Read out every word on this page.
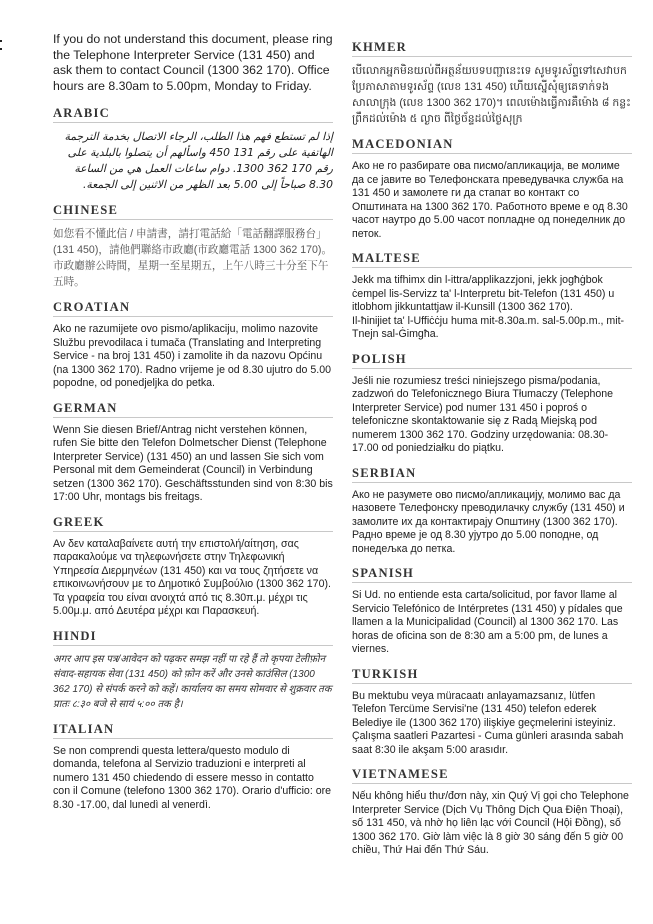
If you do not understand this document, please ring the Telephone Interpreter Service (131 450) and ask them to contact Council (1300 362 170). Office hours are 8.30am to 5.00pm, Monday to Friday.
ARABIC
إذا لم تستطع فهم هذا الطلب، الرجاء الاتصال بخدمة الترجمة الهاتفية على رقم 131 450 واسألهم أن يتصلوا بالبلدية على رقم 170 362 1300. دوام ساعات العمل هي من الساعة 8.30 صباحاً إلى 5.00 بعد الظهر من الاثنين إلى الجمعة.
CHINESE
如您看不懂此信 / 申請書，請打電話給「電話翻譯服務台」(131 450)，請他們聯絡市政廳(市政廳電話 1300 362 170)。市政廳辦公時間，星期一至星期五，上午八時三十分至下午五時。
CROATIAN
Ako ne razumijete ovo pismo/aplikaciju, molimo nazovite Službu prevodilaca i tumača (Translating and Interpreting Service - na broj 131 450) i zamolite ih da nazovu Općinu (na 1300 362 170). Radno vrijeme je od 8.30 ujutro do 5.00 popodne, od ponedjeljka do petka.
GERMAN
Wenn Sie diesen Brief/Antrag nicht verstehen können, rufen Sie bitte den Telefon Dolmetscher Dienst (Telephone Interpreter Service) (131 450) an und lassen Sie sich vom Personal mit dem Gemeinderat (Council) in Verbindung setzen (1300 362 170). Geschäftsstunden sind von 8:30 bis 17:00 Uhr, montags bis freitags.
GREEK
Αν δεν καταλαβαίνετε αυτή την επιστολή/αίτηση, σας παρακαλούμε να τηλεφωνήσετε στην Τηλεφωνική Υπηρεσία Διερμηνέων (131 450) και να τους ζητήσετε να επικοινωνήσουν με το Δημοτικό Συμβούλιο (1300 362 170). Τα γραφεία του είναι ανοιχτά από τις 8.30π.μ. μέχρι τις 5.00μ.μ. από Δευτέρα μέχρι και Παρασκευή.
HINDI
अगर आप इस पत्र/आवेदन को पढ़कर समझ नहीं पा रहे हैं तो कृपया टेलीफ़ोन संवाद-सहायक सेवा (131 450) को फ़ोन करें और उनसे काउंसिल (1300 362 170) से संपर्क करने को कहें। कार्यालय का समय सोमवार से शुक्रवार तक प्रातः ८:३० बजे से सायं ५:०० तक है।
ITALIAN
Se non comprendi questa lettera/questo modulo di domanda, telefona al Servizio traduzioni e interpreti al numero 131 450 chiedendo di essere messo in contatto con il Comune (telefono 1300 362 170). Orario d'ufficio: ore 8.30 -17.00, dal lunedì al venerdì.
KHMER
បើលោកអ្នកមិនយល់ពីអត្ថន័យបទបញ្ជានេះទេ សូមទូរស័ព្ទទៅសេវាបកប្រែភាសាតាមទូរស័ព្ទ (លេខ 131 450) ហើយស្នើសុំឲ្យគេទាក់ទងសាលាក្រុង (លេខ 1300 362 170)។ ពេលម៉ោងធ្វើការគឺម៉ោង ៨ កន្លះព្រឹកដល់ម៉ោង ៥ ល្ងាច ពីថ្ងៃច័ន្ទដល់ថ្ងៃសុក្រ
MACEDONIAN
Ако не го разбирате ова писмо/апликација, ве молиме да се јавите во Телефонската преведувачка служба на 131 450 и замолете ги да стапат во контакт со Општината на 1300 362 170. Работното време е од 8.30 часот наутро до 5.00 часот попладне од понеделник до петок.
MALTESE
Jekk ma tifhimx din l-ittra/applikazzjoni, jekk jogħġbok ċempel lis-Servizz ta' l-Interpretu bit-Telefon (131 450) u itlobhom jikkuntattjaw il-Kunsill (1300 362 170).
Il-ħinijiet ta' l-Uffiċċju huma mit-8.30a.m. sal-5.00p.m., mit-Tnejn sal-Ġimgħa.
POLISH
Jeśli nie rozumiesz treści niniejszego pisma/podania, zadzwoń do Telefonicznego Biura Tłumaczy (Telephone Interpreter Service) pod numer 131 450 i poproś o telefoniczne skontaktowanie się z Radą Miejską pod numerem 1300 362 170. Godziny urzędowania: 08.30-17.00 od poniedziałku do piątku.
SERBIAN
Ако не разумете ово писмо/апликацију, молимо вас да назовете Телефонску преводилачку службу (131 450) и замолите их да контактирају Општину (1300 362 170). Радно време је од 8.30 ујутро до 5.00 поподне, од понедељка до петка.
SPANISH
Si Ud. no entiende esta carta/solicitud, por favor llame al Servicio Telefónico de Intérpretes (131 450) y pídales que llamen a la Municipalidad (Council) al 1300 362 170. Las horas de oficina son de 8:30 am a 5:00 pm, de lunes a viernes.
TURKISH
Bu mektubu veya müracaatı anlayamazsanız, lütfen Telefon Tercüme Servisi'ne (131 450) telefon ederek Belediye ile (1300 362 170) ilişkiye geçmelerini isteyiniz. Çalışma saatleri Pazartesi - Cuma günleri arasında sabah saat 8:30 ile akşam 5:00 arasıdır.
VIETNAMESE
Nếu không hiểu thư/đơn này, xin Quý Vị gọi cho Telephone Interpreter Service (Dịch Vụ Thông Dịch Qua Điện Thoại), số 131 450, và nhờ họ liên lạc với Council (Hội Đồng), số 1300 362 170. Giờ làm việc là 8 giờ 30 sáng đến 5 giờ 00 chiều, Thứ Hai đến Thứ Sáu.
